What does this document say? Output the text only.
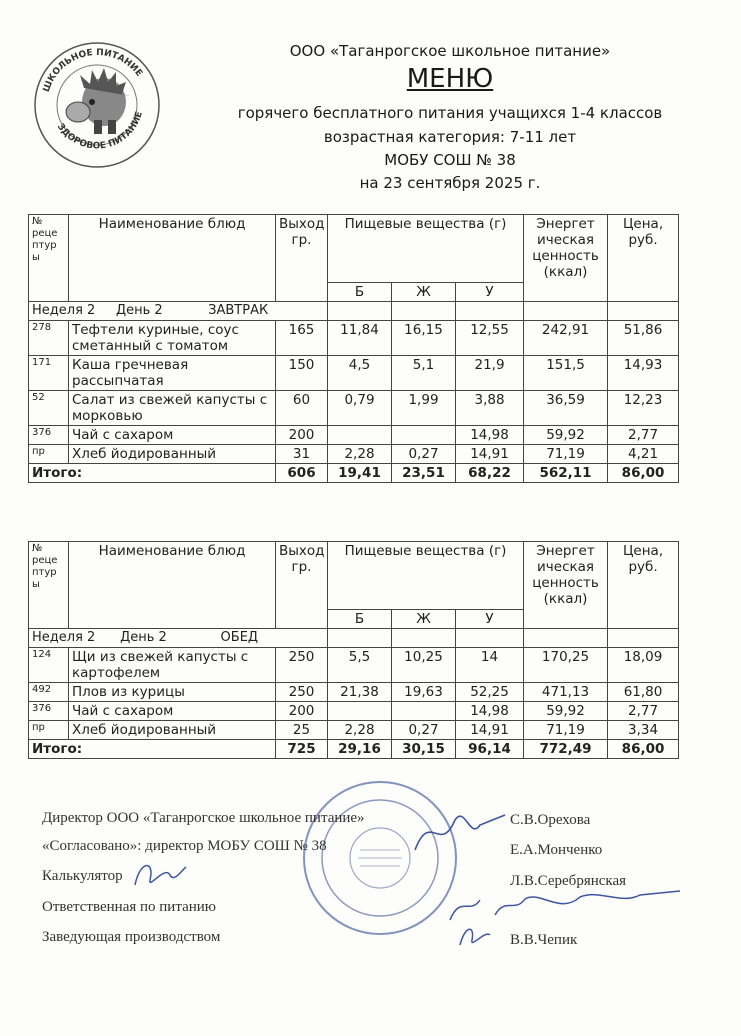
ШКОЛЬНОЕ ПИТАНИЕ
ЗДОРОВОЕ ПИТАНИЕ
ООО «Таганрогское школьное питание»
МЕНЮ
горячего бесплатного питания учащихся 1-4 классов
возрастная категория: 7-11 лет
МОБУ СОШ № 38
на 23 сентября 2025 г.
№ реце птур ы	Наименование блюд	Выход гр.	Пищевые вещества (г)			Энергет ическая ценность (ккал)	Цена, руб.
			Б	Ж	У		
Неделя 2 День 2 ЗАВТРАК							
278	Тефтели куриные, соус сметанный с томатом	165	11,84	16,15	12,55	242,91	51,86
171	Каша гречневая рассыпчатая	150	4,5	5,1	21,9	151,5	14,93
52	Салат из свежей капусты с морковью	60	0,79	1,99	3,88	36,59	12,23
376	Чай с сахаром	200			14,98	59,92	2,77
пр	Хлеб йодированный	31	2,28	0,27	14,91	71,19	4,21
Итого:		606	19,41	23,51	68,22	562,11	86,00
№ реце птур ы	Наименование блюд	Выход гр.	Пищевые вещества (г)			Энергет ическая ценность (ккал)	Цена, руб.
			Б	Ж	У		
Неделя 2 День 2 ОБЕД							
124	Щи из свежей капусты с картофелем	250	5,5	10,25	14	170,25	18,09
492	Плов из курицы	250	21,38	19,63	52,25	471,13	61,80
376	Чай с сахаром	200			14,98	59,92	2,77
пр	Хлеб йодированный	25	2,28	0,27	14,91	71,19	3,34
Итого:		725	29,16	30,15	96,14	772,49	86,00
Директор ООО «Таганрогское школьное питание»	С.В.Орехова
«Согласовано»: директор МОБУ СОШ № 38	Е.А.Монченко
Калькулятор	Л.В.Серебрянская
Ответственная по питанию
Заведующая производством	В.В.Чепик
